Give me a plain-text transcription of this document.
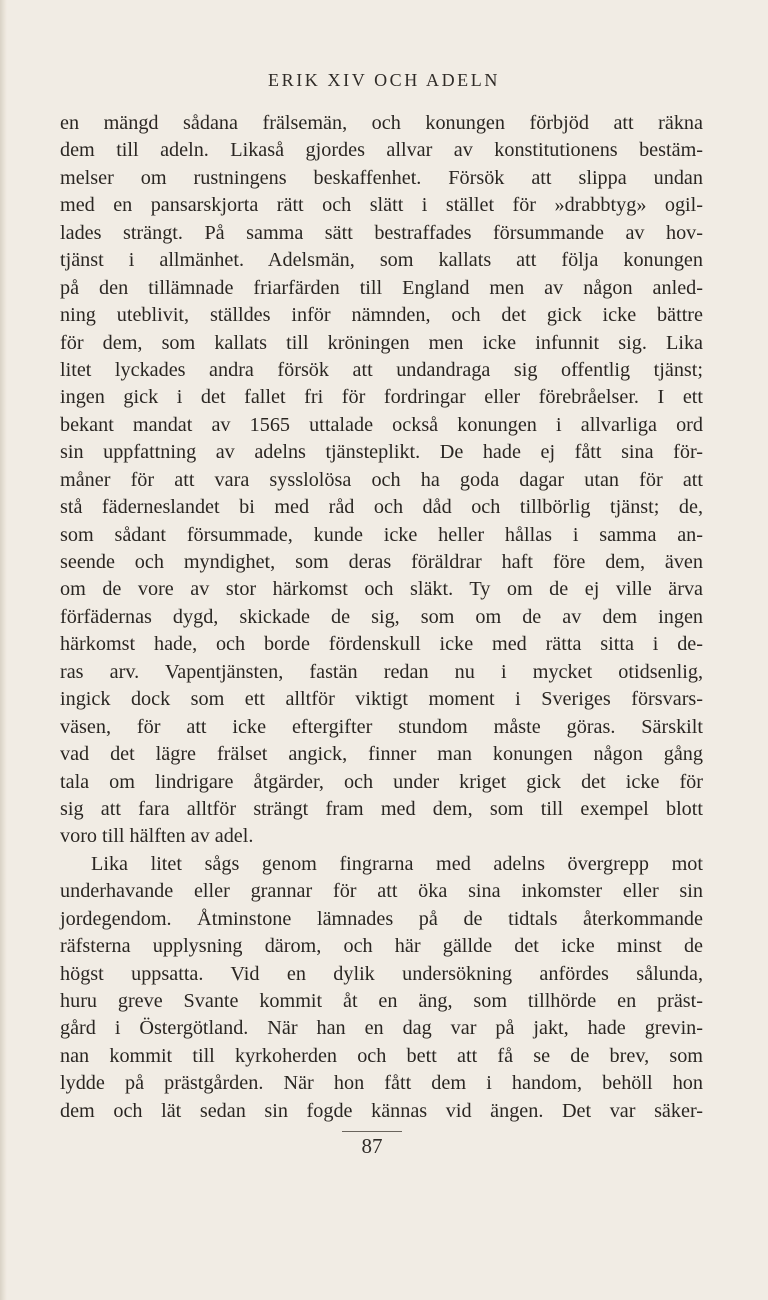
ERIK XIV OCH ADELN
en mängd sådana frälsemän, och konungen förbjöd att räkna
dem till adeln. Likaså gjordes allvar av konstitutionens bestäm-
melser om rustningens beskaffenhet. Försök att slippa undan
med en pansarskjorta rätt och slätt i stället för »drabbtyg» ogil-
lades strängt. På samma sätt bestraffades försummande av hov-
tjänst i allmänhet. Adelsmän, som kallats att följa konungen
på den tillämnade friarfärden till England men av någon anled-
ning uteblivit, ställdes inför nämnden, och det gick icke bättre
för dem, som kallats till kröningen men icke infunnit sig. Lika
litet lyckades andra försök att undandraga sig offentlig tjänst;
ingen gick i det fallet fri för fordringar eller förebråelser. I ett
bekant mandat av 1565 uttalade också konungen i allvarliga ord
sin uppfattning av adelns tjänsteplikt. De hade ej fått sina för-
måner för att vara sysslolösa och ha goda dagar utan för att
stå fäderneslandet bi med råd och dåd och tillbörlig tjänst; de,
som sådant försummade, kunde icke heller hållas i samma an-
seende och myndighet, som deras föräldrar haft före dem, även
om de vore av stor härkomst och släkt. Ty om de ej ville ärva
förfädernas dygd, skickade de sig, som om de av dem ingen
härkomst hade, och borde fördenskull icke med rätta sitta i de-
ras arv. Vapentjänsten, fastän redan nu i mycket otidsenlig,
ingick dock som ett alltför viktigt moment i Sveriges försvars-
väsen, för att icke eftergifter stundom måste göras. Särskilt
vad det lägre frälset angick, finner man konungen någon gång
tala om lindrigare åtgärder, och under kriget gick det icke för
sig att fara alltför strängt fram med dem, som till exempel blott
voro till hälften av adel.
Lika litet sågs genom fingrarna med adelns övergrepp mot
underhavande eller grannar för att öka sina inkomster eller sin
jordegendom. Åtminstone lämnades på de tidtals återkommande
räfsterna upplysning därom, och här gällde det icke minst de
högst uppsatta. Vid en dylik undersökning anfördes sålunda,
huru greve Svante kommit åt en äng, som tillhörde en präst-
gård i Östergötland. När han en dag var på jakt, hade grevin-
nan kommit till kyrkoherden och bett att få se de brev, som
lydde på prästgården. När hon fått dem i handom, behöll hon
dem och lät sedan sin fogde kännas vid ängen. Det var säker-
87
